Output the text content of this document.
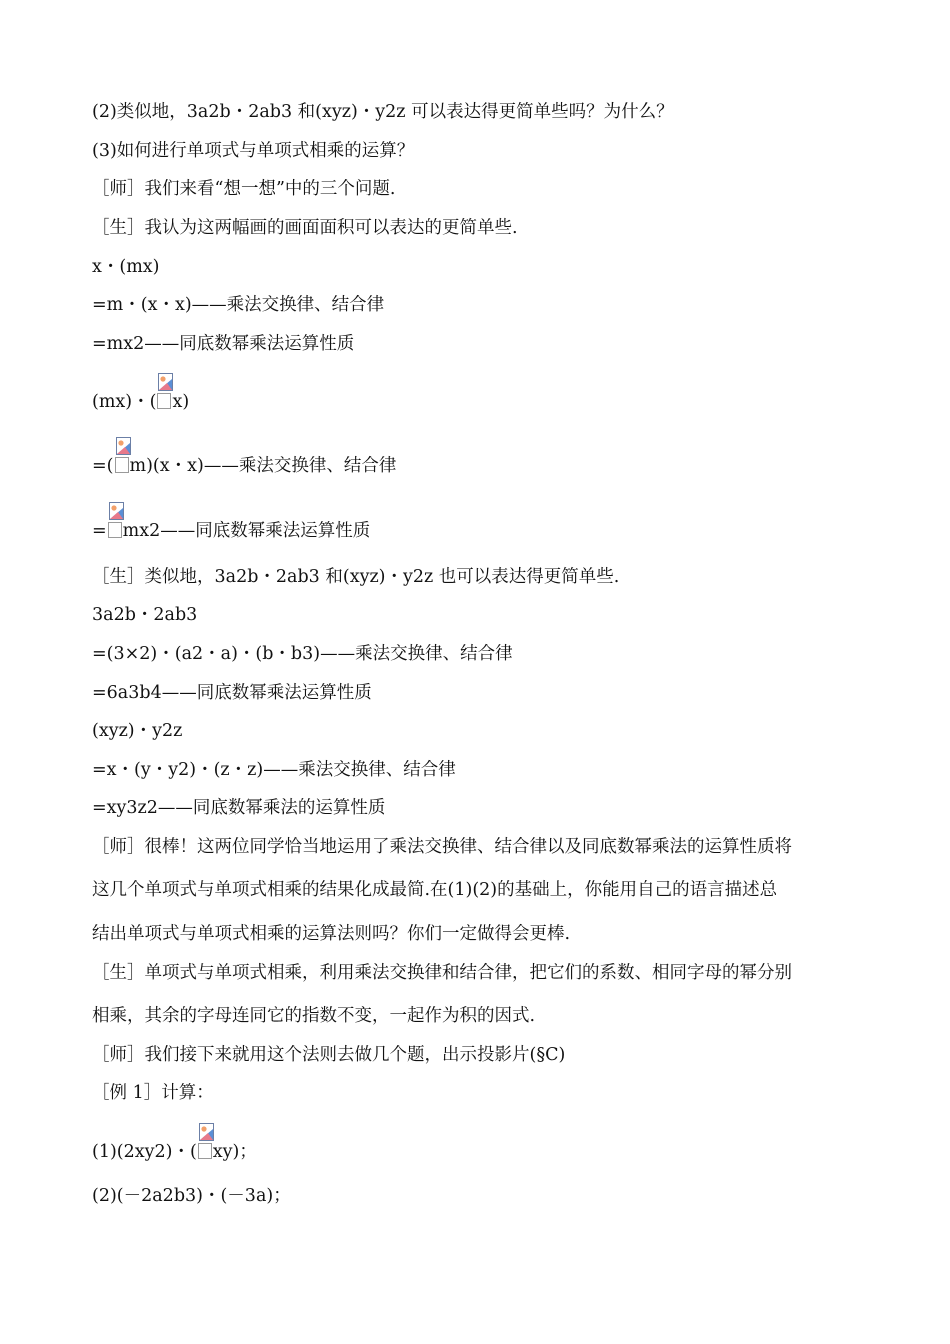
(2)类似地，3a2b・2ab3 和(xyz)・y2z 可以表达得更简单些吗？为什么？
(3)如何进行单项式与单项式相乘的运算？
［师］我们来看“想一想”中的三个问题.
［生］我认为这两幅画的画面面积可以表达的更简单些.
x・(mx)
=m・(x・x)——乘法交换律、结合律
=mx2——同底数幂乘法运算性质
(mx)・( x)
=( m)(x・x)——乘法交换律、结合律
= mx2——同底数幂乘法运算性质
［生］类似地，3a2b・2ab3 和(xyz)・y2z 也可以表达得更简单些.
3a2b・2ab3
=(3×2)・(a2・a)・(b・b3)——乘法交换律、结合律
=6a3b4——同底数幂乘法运算性质
(xyz)・y2z
=x・(y・y2)・(z・z)——乘法交换律、结合律
=xy3z2——同底数幂乘法的运算性质
［师］很棒！这两位同学恰当地运用了乘法交换律、结合律以及同底数幂乘法的运算性质将
这几个单项式与单项式相乘的结果化成最简.在(1)(2)的基础上，你能用自己的语言描述总
结出单项式与单项式相乘的运算法则吗？你们一定做得会更棒.
［生］单项式与单项式相乘，利用乘法交换律和结合律，把它们的系数、相同字母的幂分别
相乘，其余的字母连同它的指数不变，一起作为积的因式.
［师］我们接下来就用这个法则去做几个题，出示投影片(§C)
［例 1］计算：
(1)(2xy2)・( xy)；
(2)(－2a2b3)・(－3a)；
